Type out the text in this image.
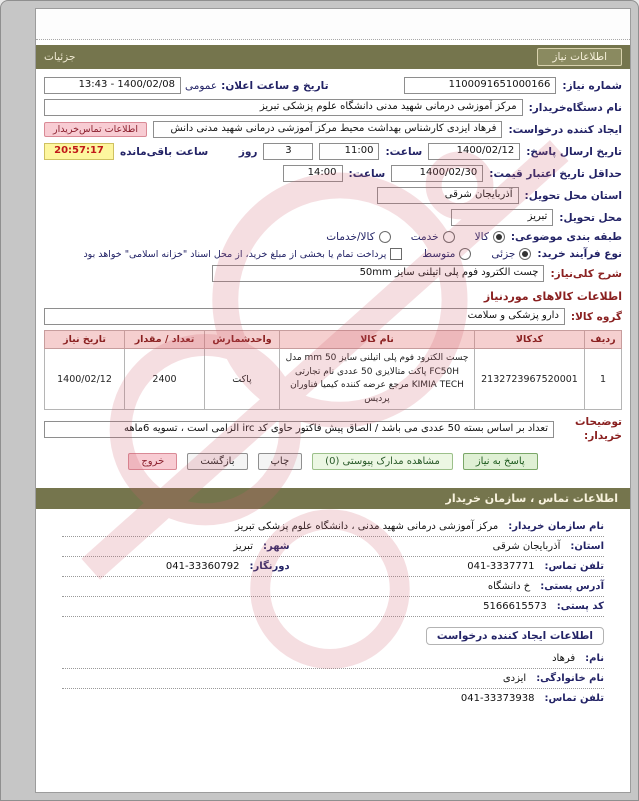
اطلاعات نیاز
جزئیات
شماره نیاز:
1100091651000166
تاریخ و ساعت اعلان:
عمومی
1400/02/08 - 13:43
نام دستگاه‌خریدار:
مرکز آموزشی درمانی شهید مدنی دانشگاه علوم پزشکی تبریز
ایجاد کننده درخواست:
فرهاد ایزدی کارشناس بهداشت محیط مرکز آموزشی درمانی شهید مدنی دانش
اطلاعات تماس‌خریدار
تاریخ ارسال پاسخ:
1400/02/12
ساعت:
11:00
3
روز
ساعت باقی‌مانده
20:57:17
حداقل تاریخ اعتبار قیمت:
1400/02/30
ساعت:
14:00
استان محل تحویل:
آذربایجان شرقی
محل تحویل:
تبریز
طبقه بندی موضوعی:
کالا
خدمت
کالا/خدمات
نوع فرآیند خرید:
جزئی
متوسط
پرداخت تمام یا بخشی از مبلغ خرید، از محل اسناد "خزانه اسلامی" خواهد بود
شرح کلی‌نیاز:
چست الکترود فوم پلی اتیلنی سایز 50mm
اطلاعات کالاهای موردنیاز
گروه کالا:
دارو پزشکی و سلامت
ردیف	کدکالا	نام کالا	واحدشمارش	تعداد / مقدار	تاریخ نیاز
1	2132723967520001	چست الکترود فوم پلی اتیلنی سایز 50 mm مدل FC50H پاکت متالایزی 50 عددی نام تجارتی KIMIA TECH مرجع عرضه کننده کیمیا فناوران پردیس	پاکت	2400	1400/02/12
توضیحات خریدار:
تعداد بر اساس بسته 50 عددی می باشد / الصاق پیش فاکتور حاوی کد irc الزامی است ، تسویه 6ماهه
پاسخ به نیاز
مشاهده مدارک پیوستی (0)
چاپ
بازگشت
خروج
اطلاعات تماس ، سازمان خریدار
نام سازمان خریدار:
مرکز آموزشی درمانی شهید مدنی ، دانشگاه علوم پزشکی تبریز
استان:
آذربایجان شرقی
شهر:
تبریز
تلفن تماس:
041-3337771
دورنگار:
041-33360792
آدرس پستی:
خ دانشگاه
کد پستی:
5166615573
اطلاعات ایجاد کننده درخواست
نام:
فرهاد
نام خانوادگی:
ایزدی
تلفن تماس:
041-33373938
